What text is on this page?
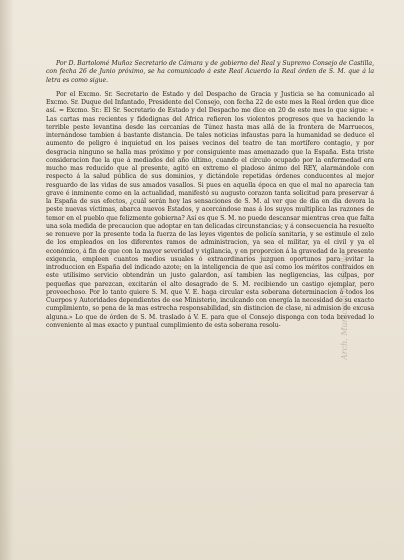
Por D. Bartolomé Muñoz Secretario de Cámara y de gobierno del Real y Supremo Consejo de Castilla, con fecha 26 de Junio próximo, se ha comunicado á este Real Acuerdo la Real órden de S. M. que á la letra es como sigue.

Por el Excmo. Sr. Secretario de Estado y del Despacho de Gracia y Justicia se ha comunicado al Excmo. Sr. Duque del Infantado, Presidente del Consejo, con fecha 22 de este mes la Real órden que dice así. = Excmo. Sr.: El Sr. Secretario de Estado y del Despacho me dice en 20 de este mes lo que sigue: « Las cartas mas recientes y fidedignas del Africa refieren los violentos progresos que va haciendo la terrible peste levantina desde las cercanías de Túnez hasta mas allá de la frontera de Marruecos, internándose tambien á bastante distancia. De tales noticias infaustas para la humanidad se deduce el aumento de peligro é inquietud en los paises vecinos del teatro de tan mortífero contagio, y por desgracia ninguno se halla mas próximo y por consiguiente mas amenazado que la España. Esta triste consideracion fue la que á mediados del año último, cuando el círculo ocupado por la enfermedad era mucho mas reducido que al presente, agitó en extremo el piadoso ánimo del REY, alarmándole con respecto á la salud pública de sus dominios, y dictándole repetidas órdenes conducentes al mejor resguardo de las vidas de sus amados vasallos. Si pues en aquella época en que el mal no aparecia tan grave é inminente como en la actualidad, manifestó su augusto corazon tanta solicitud para preservar á la España de sus efectos, ¿cuál serán hoy las sensaciones de S. M. al ver que de dia en dia devora la peste nuevas víctimas, abarca nuevos Estados, y acercándose mas á los suyos multiplica las razones de temor en el pueblo que felizmente gobierna? Así es que S. M. no puede descansar mientras crea que falta una sola medida de precaucion que adoptar en tan delicadas circunstancias; y á consecuencia ha resuelto se renueve por la presente toda la fuerza de las leyes vigentes de policía sanitaria, y se estimule el zelo de los empleados en los diferentes ramos de administracion, ya sea el militar, ya el civil y ya el económico, á fin de que con la mayor severidad y vigilancia, y en proporcion á la gravedad de la presente exigencia, empleen cuantos medios usuales ó extraordinarios juzguen oportunos para evitar la introduccion en España del indicado azote; en la inteligencia de que así como los méritos contraidos en este utilísimo servicio obtendrán un justo galardon, así tambien las negligencias, las culpas, por pequeñas que parezcan, excitarán el alto desagrado de S. M. recibiendo un castigo ejemplar, pero proveechoso. Por lo tanto quiere S. M. que V. E. haga circular esta soberana determinacion á todos los Cuerpos y Autoridades dependientes de ese Ministerio, inculcando con energía la necesidad de su exacto cumplimiento, so pena de la mas estrecha responsabilidad, sin distincion de clase, ni admision de excusa alguna.» Lo que de órden de S. M. traslado á V. E. para que el Consejo disponga con toda brevedad lo conveniente al mas exacto y puntual cumplimiento de esta soberana resolu-	Arch. Municipal de Sevilla
